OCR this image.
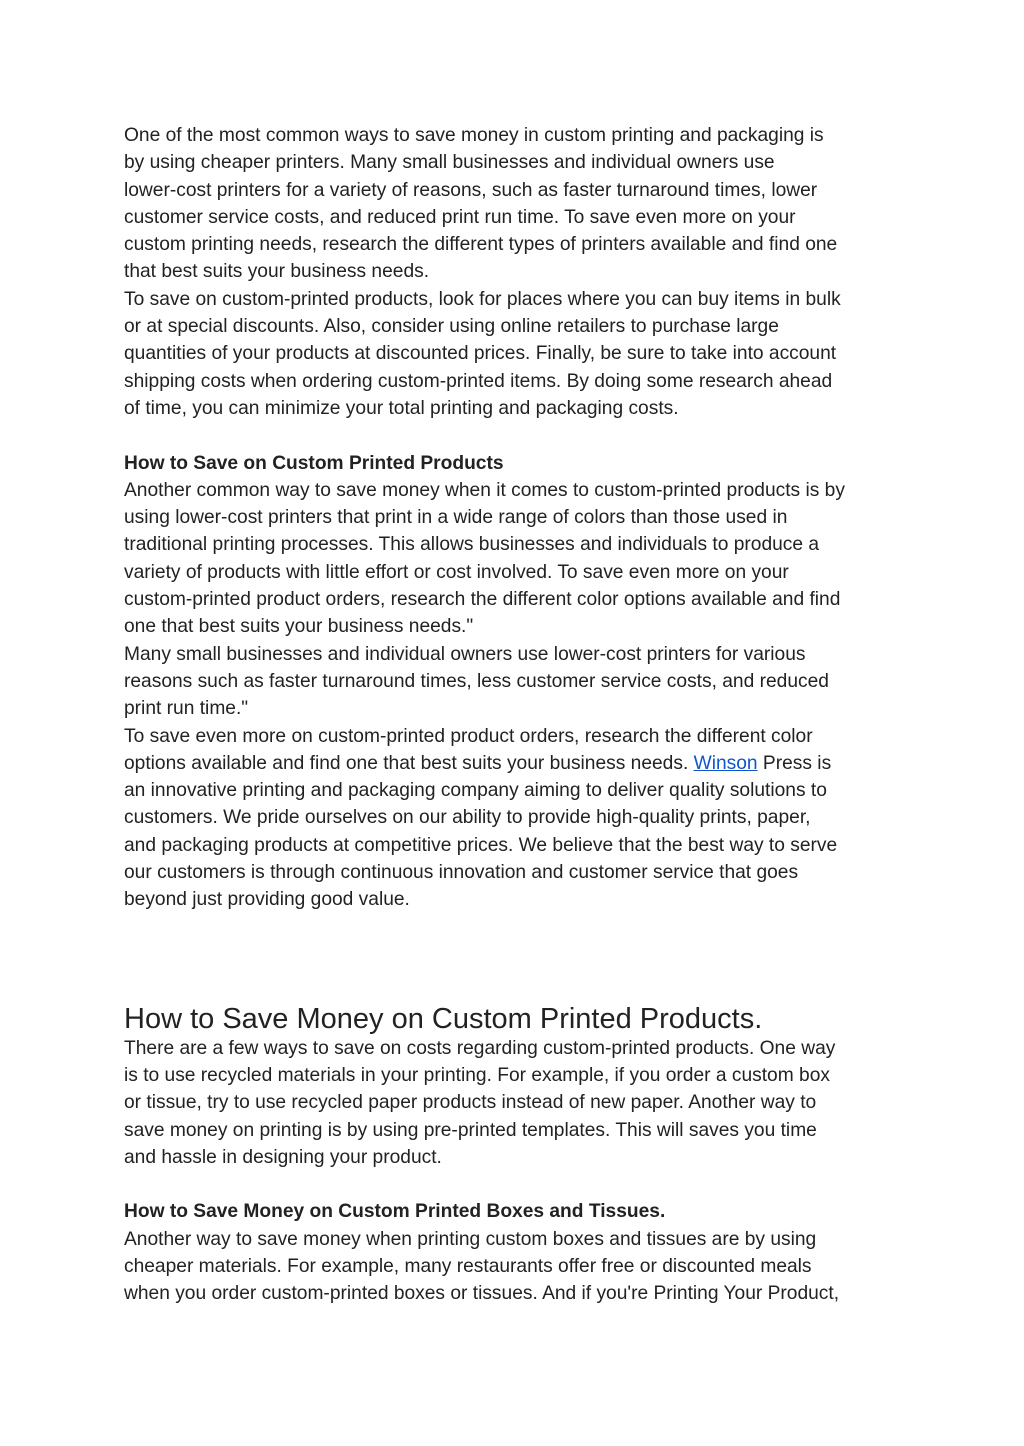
One of the most common ways to save money in custom printing and packaging is
by using cheaper printers. Many small businesses and individual owners use
lower-cost printers for a variety of reasons, such as faster turnaround times, lower
customer service costs, and reduced print run time. To save even more on your
custom printing needs, research the different types of printers available and find one
that best suits your business needs.
To save on custom-printed products, look for places where you can buy items in bulk
or at special discounts. Also, consider using online retailers to purchase large
quantities of your products at discounted prices. Finally, be sure to take into account
shipping costs when ordering custom-printed items. By doing some research ahead
of time, you can minimize your total printing and packaging costs.
How to Save on Custom Printed Products
Another common way to save money when it comes to custom-printed products is by
using lower-cost printers that print in a wide range of colors than those used in
traditional printing processes. This allows businesses and individuals to produce a
variety of products with little effort or cost involved. To save even more on your
custom-printed product orders, research the different color options available and find
one that best suits your business needs."
Many small businesses and individual owners use lower-cost printers for various
reasons such as faster turnaround times, less customer service costs, and reduced
print run time."
To save even more on custom-printed product orders, research the different color
options available and find one that best suits your business needs. Winson Press is
an innovative printing and packaging company aiming to deliver quality solutions to
customers. We pride ourselves on our ability to provide high-quality prints, paper,
and packaging products at competitive prices. We believe that the best way to serve
our customers is through continuous innovation and customer service that goes
beyond just providing good value.
How to Save Money on Custom Printed Products.
There are a few ways to save on costs regarding custom-printed products. One way
is to use recycled materials in your printing. For example, if you order a custom box
or tissue, try to use recycled paper products instead of new paper. Another way to
save money on printing is by using pre-printed templates. This will saves you time
and hassle in designing your product.
How to Save Money on Custom Printed Boxes and Tissues.
Another way to save money when printing custom boxes and tissues are by using
cheaper materials. For example, many restaurants offer free or discounted meals
when you order custom-printed boxes or tissues. And if you're Printing Your Product,
